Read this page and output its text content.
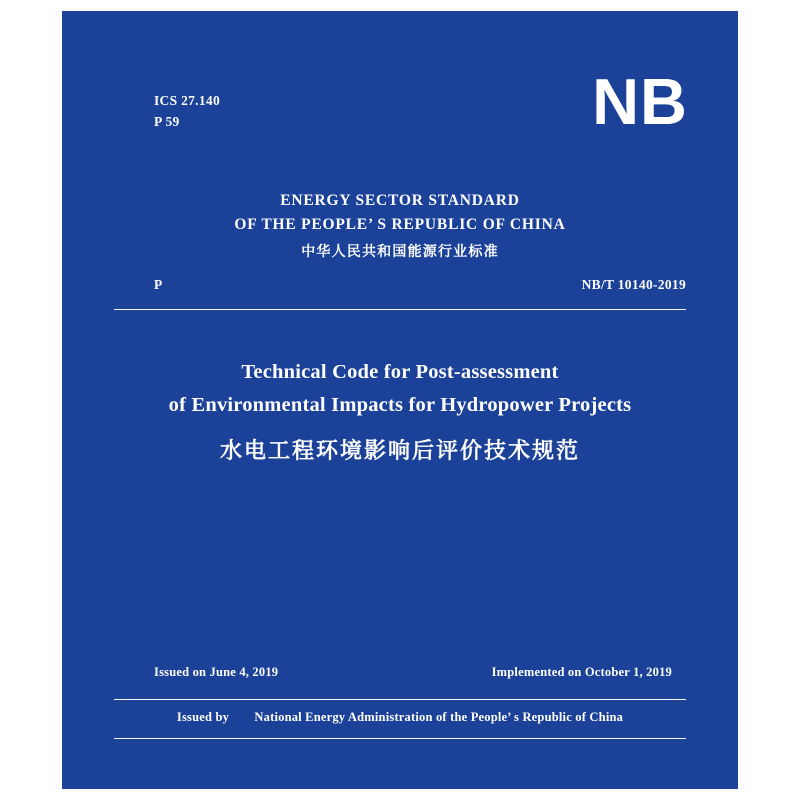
ICS 27.140
P 59	NB
ENERGY SECTOR STANDARD
OF THE PEOPLE’ S REPUBLIC OF CHINA
中华人民共和国能源行业标准
P	NB/T 10140-2019
Technical Code for Post-assessment
of Environmental Impacts for Hydropower Projects
水电工程环境影响后评价技术规范
Issued on June 4, 2019	Implemented on October 1, 2019
Issued by National Energy Administration of the People’ s Republic of China
